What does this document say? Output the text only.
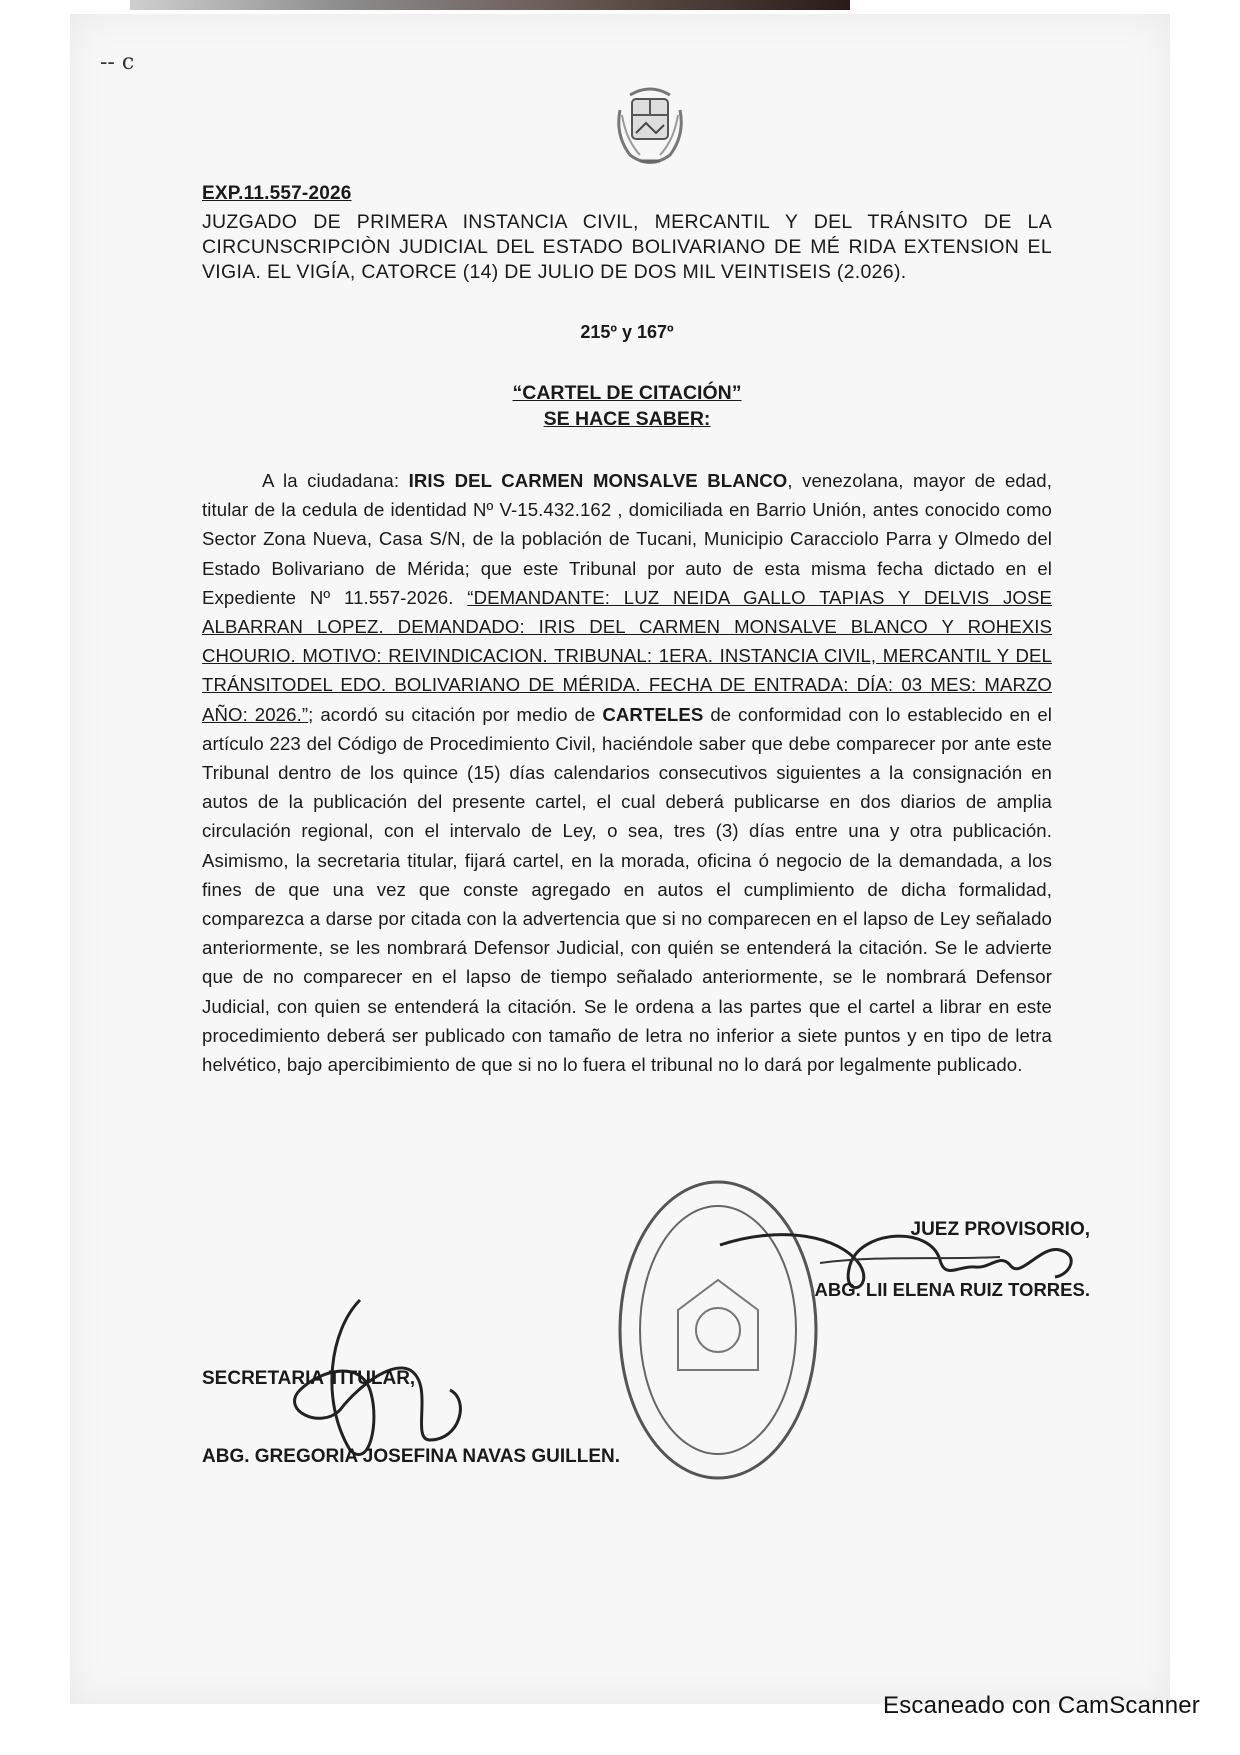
-- c
EXP.11.557-2026
JUZGADO DE PRIMERA INSTANCIA CIVIL, MERCANTIL Y DEL TRÁNSITO DE LA CIRCUNSCRIPCIÒN JUDICIAL DEL ESTADO BOLIVARIANO DE MÉ RIDA EXTENSION EL VIGIA. EL VIGÍA, CATORCE (14) DE JULIO DE DOS MIL VEINTISEIS (2.026).
215º y 167º
“CARTEL DE CITACIÓN”
SE HACE SABER:
A la ciudadana: IRIS DEL CARMEN MONSALVE BLANCO, venezolana, mayor de edad, titular de la cedula de identidad Nº V-15.432.162 , domiciliada en Barrio Unión, antes conocido como Sector Zona Nueva, Casa S/N, de la población de Tucani, Municipio Caracciolo Parra y Olmedo del Estado Bolivariano de Mérida; que este Tribunal por auto de esta misma fecha dictado en el Expediente Nº 11.557-2026. “DEMANDANTE: LUZ NEIDA GALLO TAPIAS Y DELVIS JOSE ALBARRAN LOPEZ. DEMANDADO: IRIS DEL CARMEN MONSALVE BLANCO Y ROHEXIS CHOURIO. MOTIVO: REIVINDICACION. TRIBUNAL: 1ERA. INSTANCIA CIVIL, MERCANTIL Y DEL TRÁNSITODEL EDO. BOLIVARIANO DE MÉRIDA. FECHA DE ENTRADA: DÍA: 03 MES: MARZO AÑO: 2026.”; acordó su citación por medio de CARTELES de conformidad con lo establecido en el artículo 223 del Código de Procedimiento Civil, haciéndole saber que debe comparecer por ante este Tribunal dentro de los quince (15) días calendarios consecutivos siguientes a la consignación en autos de la publicación del presente cartel, el cual deberá publicarse en dos diarios de amplia circulación regional, con el intervalo de Ley, o sea, tres (3) días entre una y otra publicación. Asimismo, la secretaria titular, fijará cartel, en la morada, oficina ó negocio de la demandada, a los fines de que una vez que conste agregado en autos el cumplimiento de dicha formalidad, comparezca a darse por citada con la advertencia que si no comparecen en el lapso de Ley señalado anteriormente, se les nombrará Defensor Judicial, con quién se entenderá la citación. Se le advierte que de no comparecer en el lapso de tiempo señalado anteriormente, se le nombrará Defensor Judicial, con quien se entenderá la citación. Se le ordena a las partes que el cartel a librar en este procedimiento deberá ser publicado con tamaño de letra no inferior a siete puntos y en tipo de letra helvético, bajo apercibimiento de que si no lo fuera el tribunal no lo dará por legalmente publicado.
JUEZ PROVISORIO,
ABG. LII ELENA RUIZ TORRES.
SECRETARIA TITULAR,
ABG. GREGORIA JOSEFINA NAVAS GUILLEN.
Escaneado con CamScanner
